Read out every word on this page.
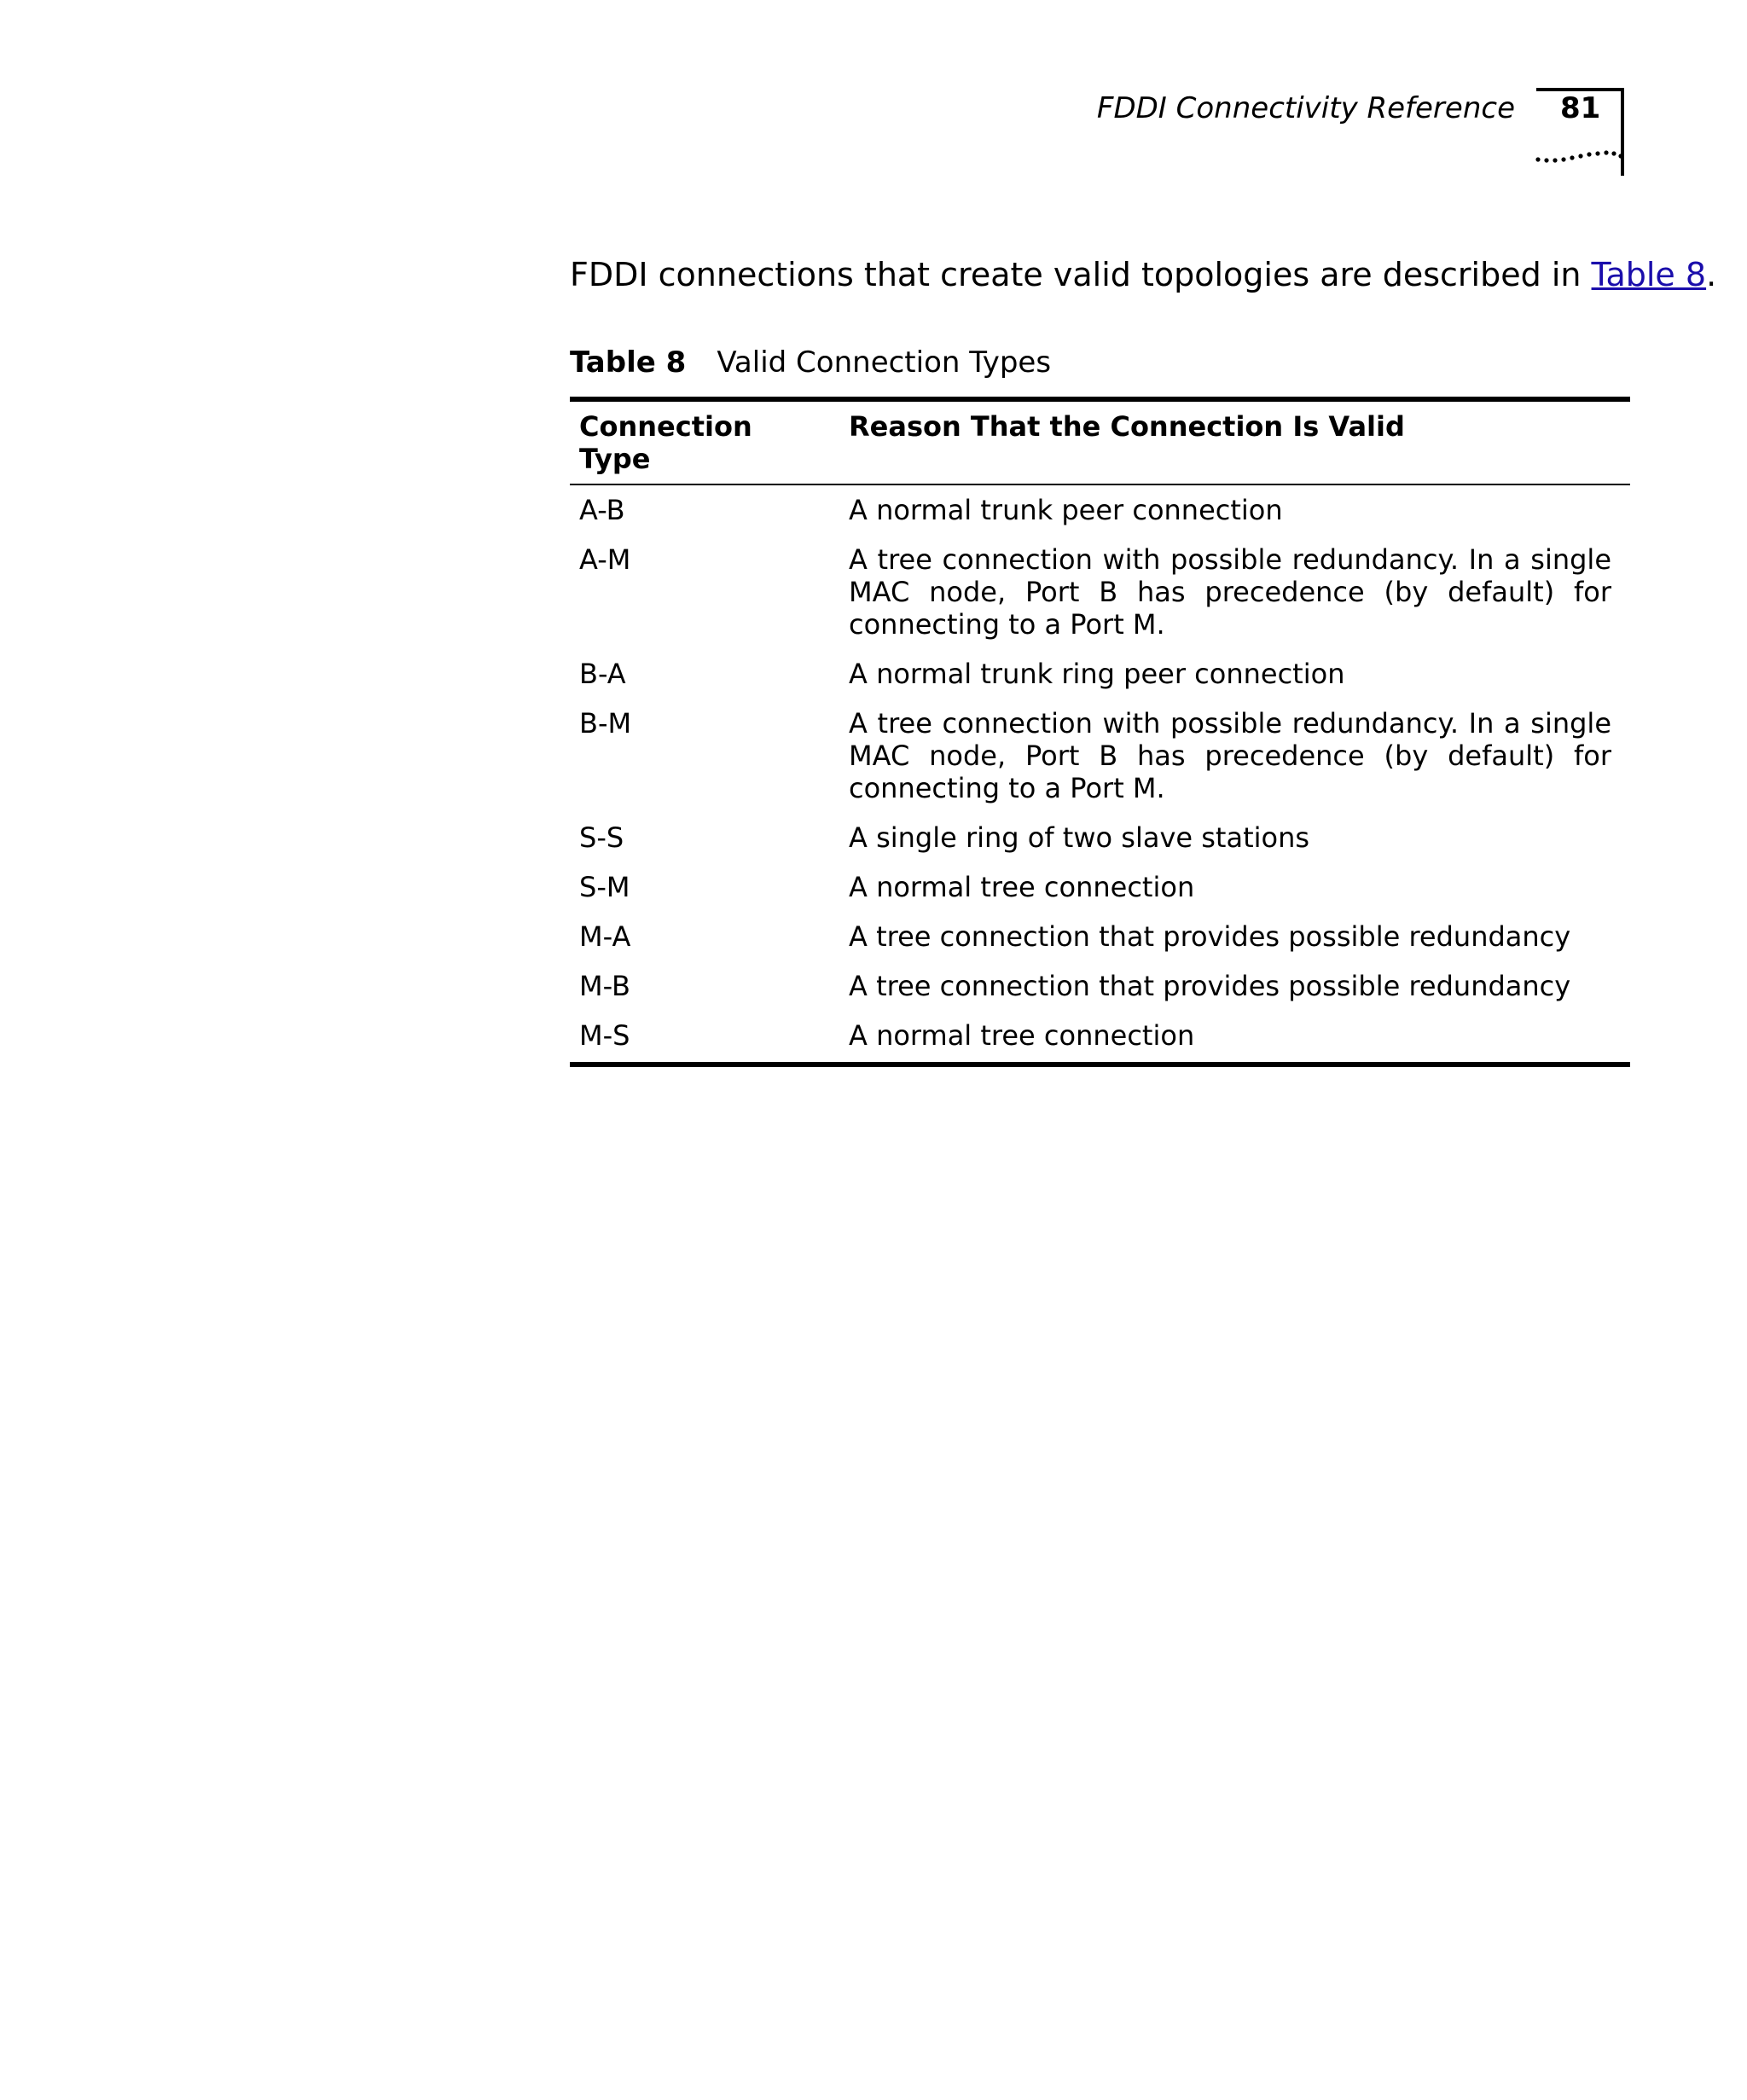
FDDI Connectivity Reference 81

FDDI connections that create valid topologies are described in Table 8.

Table 8 Valid Connection Types
Connection Type	Reason That the Connection Is Valid
A-B	A normal trunk peer connection
A-M	A tree connection with possible redundancy. In a single MAC node, Port B has precedence (by default) for connecting to a Port M.
B-A	A normal trunk ring peer connection
B-M	A tree connection with possible redundancy. In a single MAC node, Port B has precedence (by default) for connecting to a Port M.
S-S	A single ring of two slave stations
S-M	A normal tree connection
M-A	A tree connection that provides possible redundancy
M-B	A tree connection that provides possible redundancy
M-S	A normal tree connection
